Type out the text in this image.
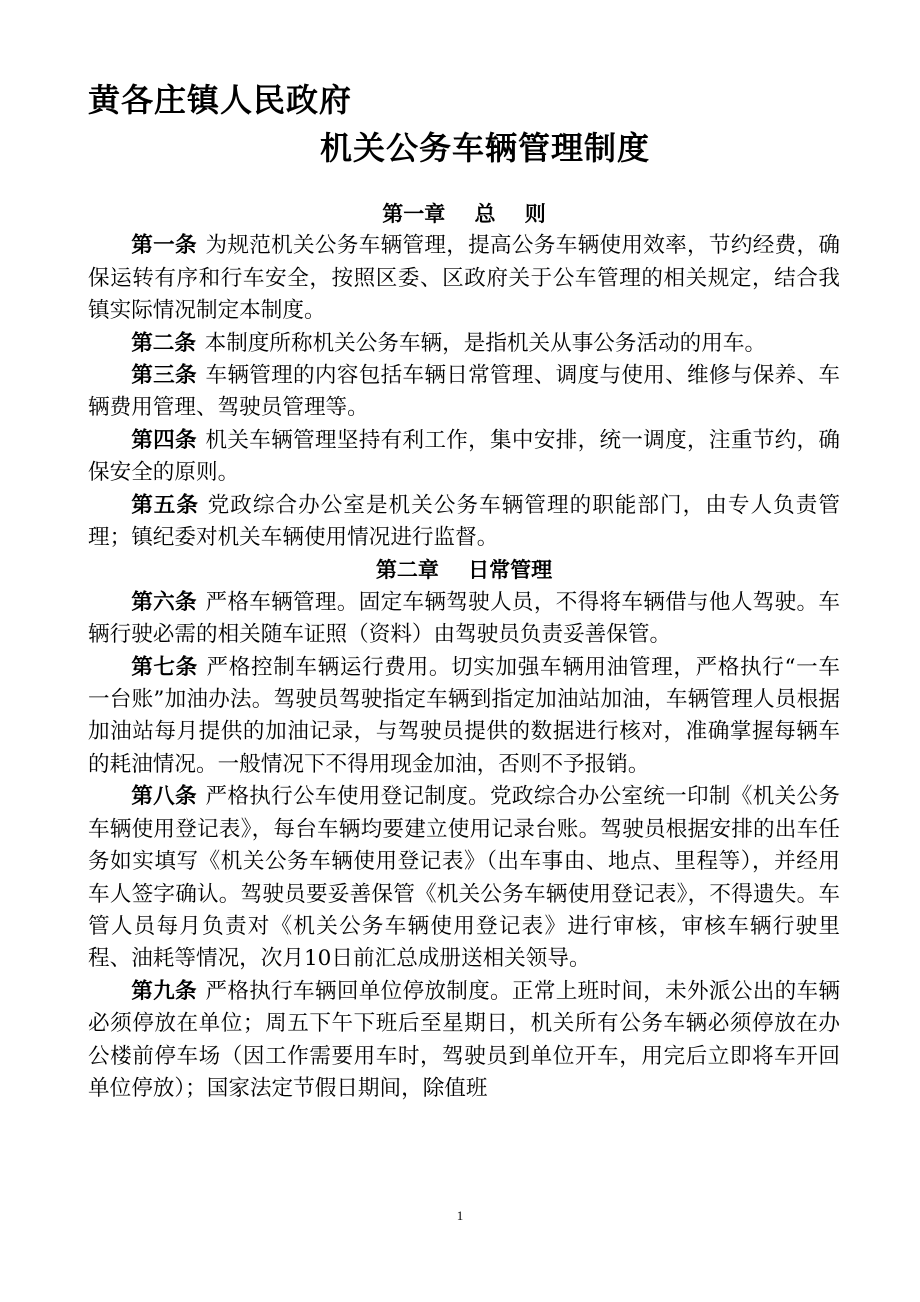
黄各庄镇人民政府
机关公务车辆管理制度
第一章    总    则

第一条 为规范机关公务车辆管理，提高公务车辆使用效率，节约经费，确保运转有序和行车安全，按照区委、区政府关于公车管理的相关规定，结合我镇实际情况制定本制度。

第二条 本制度所称机关公务车辆，是指机关从事公务活动的用车。

第三条 车辆管理的内容包括车辆日常管理、调度与使用、维修与保养、车辆费用管理、驾驶员管理等。

第四条 机关车辆管理坚持有利工作，集中安排，统一调度，注重节约，确保安全的原则。

第五条 党政综合办公室是机关公务车辆管理的职能部门，由专人负责管理；镇纪委对机关车辆使用情况进行监督。

第二章    日常管理

第六条 严格车辆管理。固定车辆驾驶人员，不得将车辆借与他人驾驶。车辆行驶必需的相关随车证照（资料）由驾驶员负责妥善保管。

第七条 严格控制车辆运行费用。切实加强车辆用油管理，严格执行“一车一台账”加油办法。驾驶员驾驶指定车辆到指定加油站加油，车辆管理人员根据加油站每月提供的加油记录，与驾驶员提供的数据进行核对，准确掌握每辆车的耗油情况。一般情况下不得用现金加油，否则不予报销。

第八条 严格执行公车使用登记制度。党政综合办公室统一印制《机关公务车辆使用登记表》，每台车辆均要建立使用记录台账。驾驶员根据安排的出车任务如实填写《机关公务车辆使用登记表》（出车事由、地点、里程等），并经用车人签字确认。驾驶员要妥善保管《机关公务车辆使用登记表》，不得遗失。车管人员每月负责对《机关公务车辆使用登记表》进行审核，审核车辆行驶里程、油耗等情况，次月10日前汇总成册送相关领导。

第九条 严格执行车辆回单位停放制度。正常上班时间，未外派公出的车辆必须停放在单位；周五下午下班后至星期日，机关所有公务车辆必须停放在办公楼前停车场（因工作需要用车时，驾驶员到单位开车，用完后立即将车开回单位停放）；国家法定节假日期间，除值班

1
